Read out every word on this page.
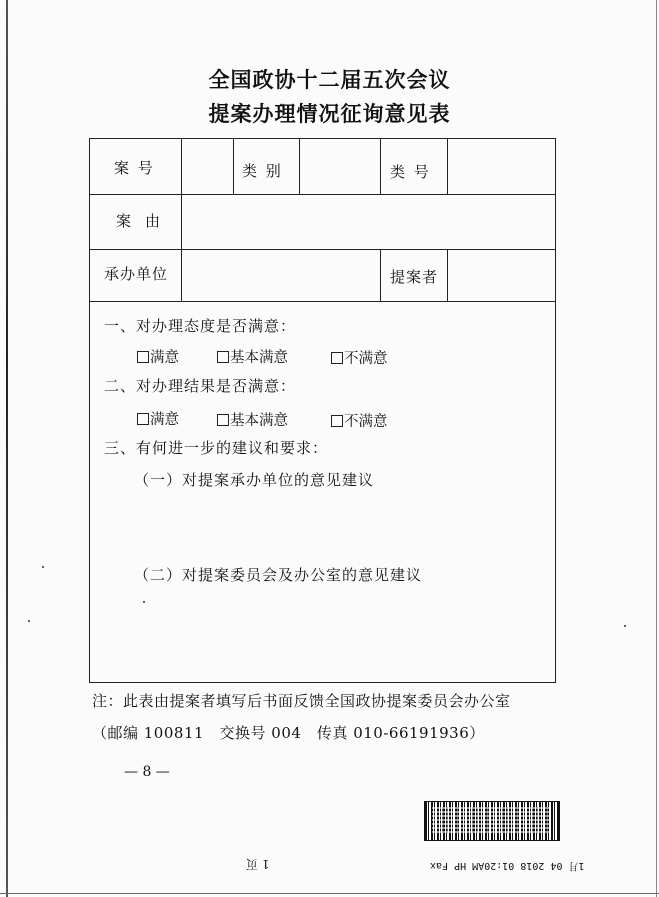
全国政协十二届五次会议
提案办理情况征询意见表
案 号	类 别	类 号
案由
承办单位	提案者
一、对办理态度是否满意：
满意	基本满意	不满意
二、对办理结果是否满意：
满意	基本满意	不满意
三、有何进一步的建议和要求：
（一）对提案承办单位的意见建议
（二）对提案委员会及办公室的意见建议
注：此表由提案者填写后书面反馈全国政协提案委员会办公室
（邮编 100811　交换号 004　传真 010-66191936）
— 8 —
1 页	1月 04 2018 01:20AM HP Fax
